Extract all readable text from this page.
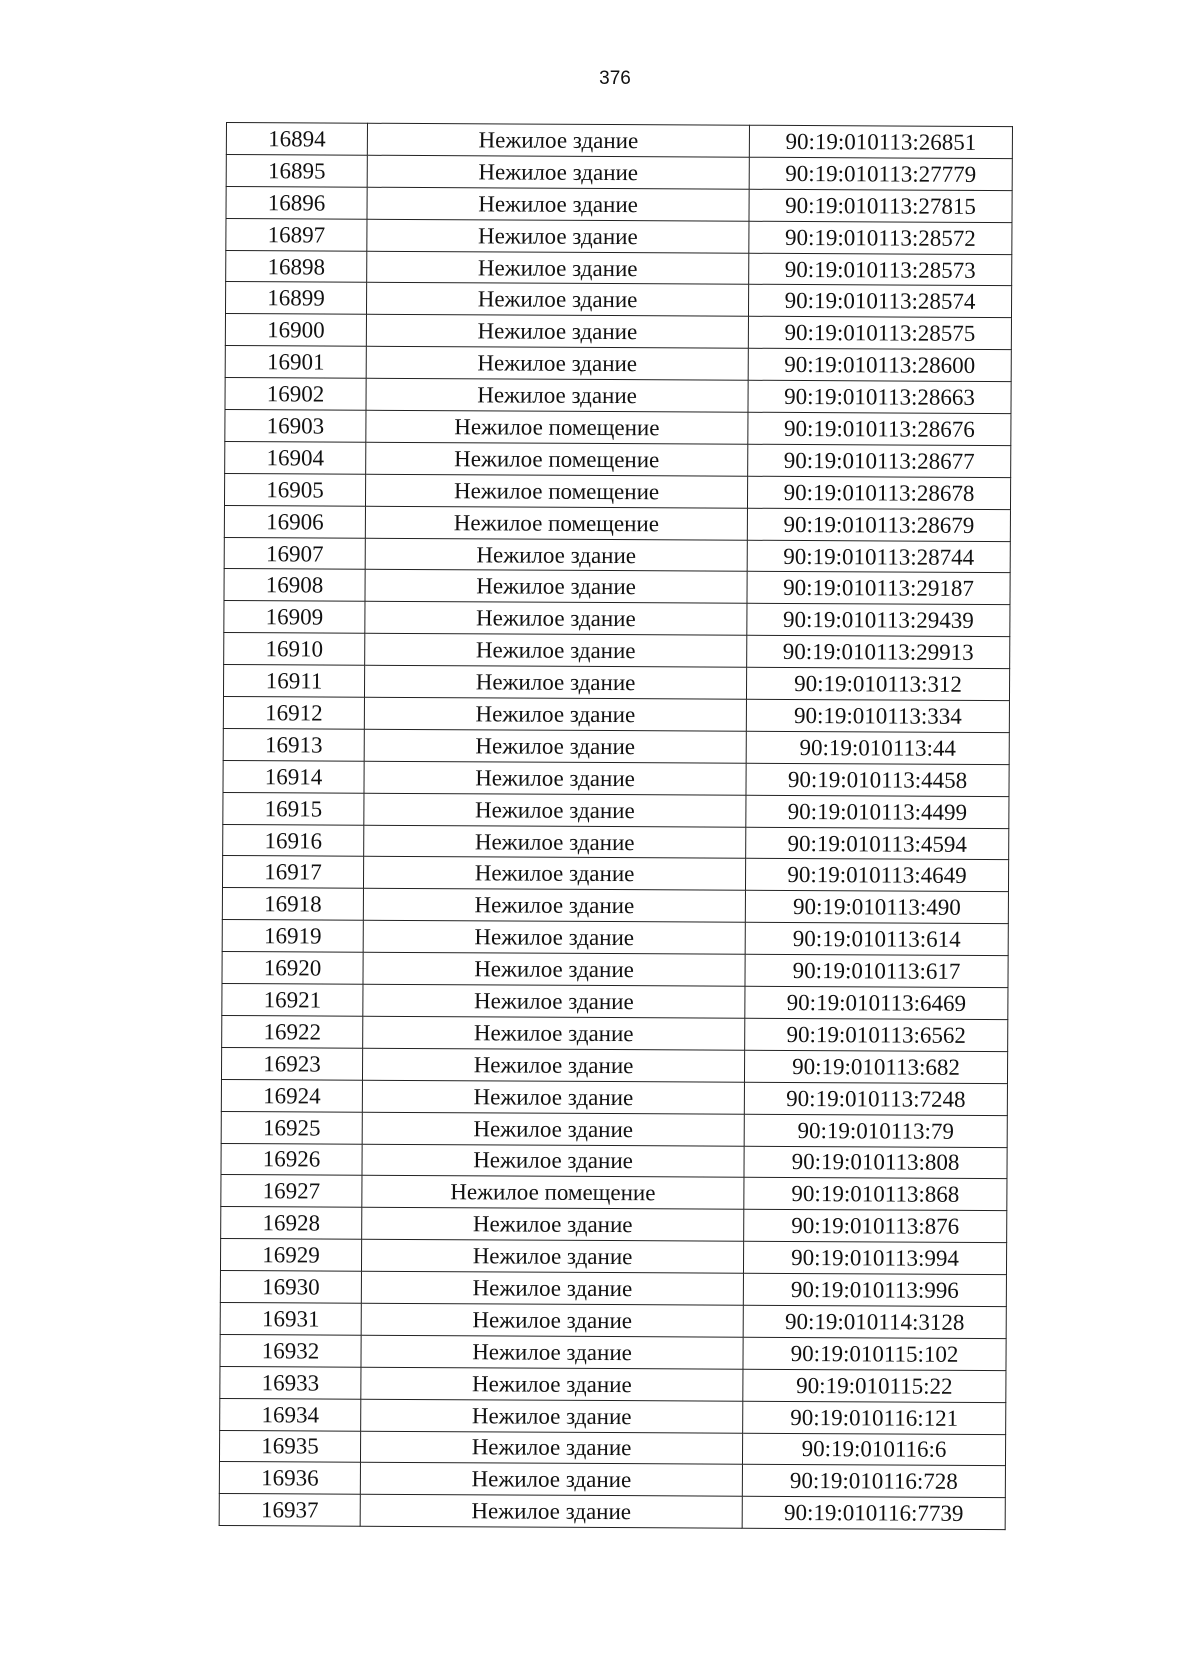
376
16894	Нежилое здание	90:19:010113:26851
16895	Нежилое здание	90:19:010113:27779
16896	Нежилое здание	90:19:010113:27815
16897	Нежилое здание	90:19:010113:28572
16898	Нежилое здание	90:19:010113:28573
16899	Нежилое здание	90:19:010113:28574
16900	Нежилое здание	90:19:010113:28575
16901	Нежилое здание	90:19:010113:28600
16902	Нежилое здание	90:19:010113:28663
16903	Нежилое помещение	90:19:010113:28676
16904	Нежилое помещение	90:19:010113:28677
16905	Нежилое помещение	90:19:010113:28678
16906	Нежилое помещение	90:19:010113:28679
16907	Нежилое здание	90:19:010113:28744
16908	Нежилое здание	90:19:010113:29187
16909	Нежилое здание	90:19:010113:29439
16910	Нежилое здание	90:19:010113:29913
16911	Нежилое здание	90:19:010113:312
16912	Нежилое здание	90:19:010113:334
16913	Нежилое здание	90:19:010113:44
16914	Нежилое здание	90:19:010113:4458
16915	Нежилое здание	90:19:010113:4499
16916	Нежилое здание	90:19:010113:4594
16917	Нежилое здание	90:19:010113:4649
16918	Нежилое здание	90:19:010113:490
16919	Нежилое здание	90:19:010113:614
16920	Нежилое здание	90:19:010113:617
16921	Нежилое здание	90:19:010113:6469
16922	Нежилое здание	90:19:010113:6562
16923	Нежилое здание	90:19:010113:682
16924	Нежилое здание	90:19:010113:7248
16925	Нежилое здание	90:19:010113:79
16926	Нежилое здание	90:19:010113:808
16927	Нежилое помещение	90:19:010113:868
16928	Нежилое здание	90:19:010113:876
16929	Нежилое здание	90:19:010113:994
16930	Нежилое здание	90:19:010113:996
16931	Нежилое здание	90:19:010114:3128
16932	Нежилое здание	90:19:010115:102
16933	Нежилое здание	90:19:010115:22
16934	Нежилое здание	90:19:010116:121
16935	Нежилое здание	90:19:010116:6
16936	Нежилое здание	90:19:010116:728
16937	Нежилое здание	90:19:010116:7739
